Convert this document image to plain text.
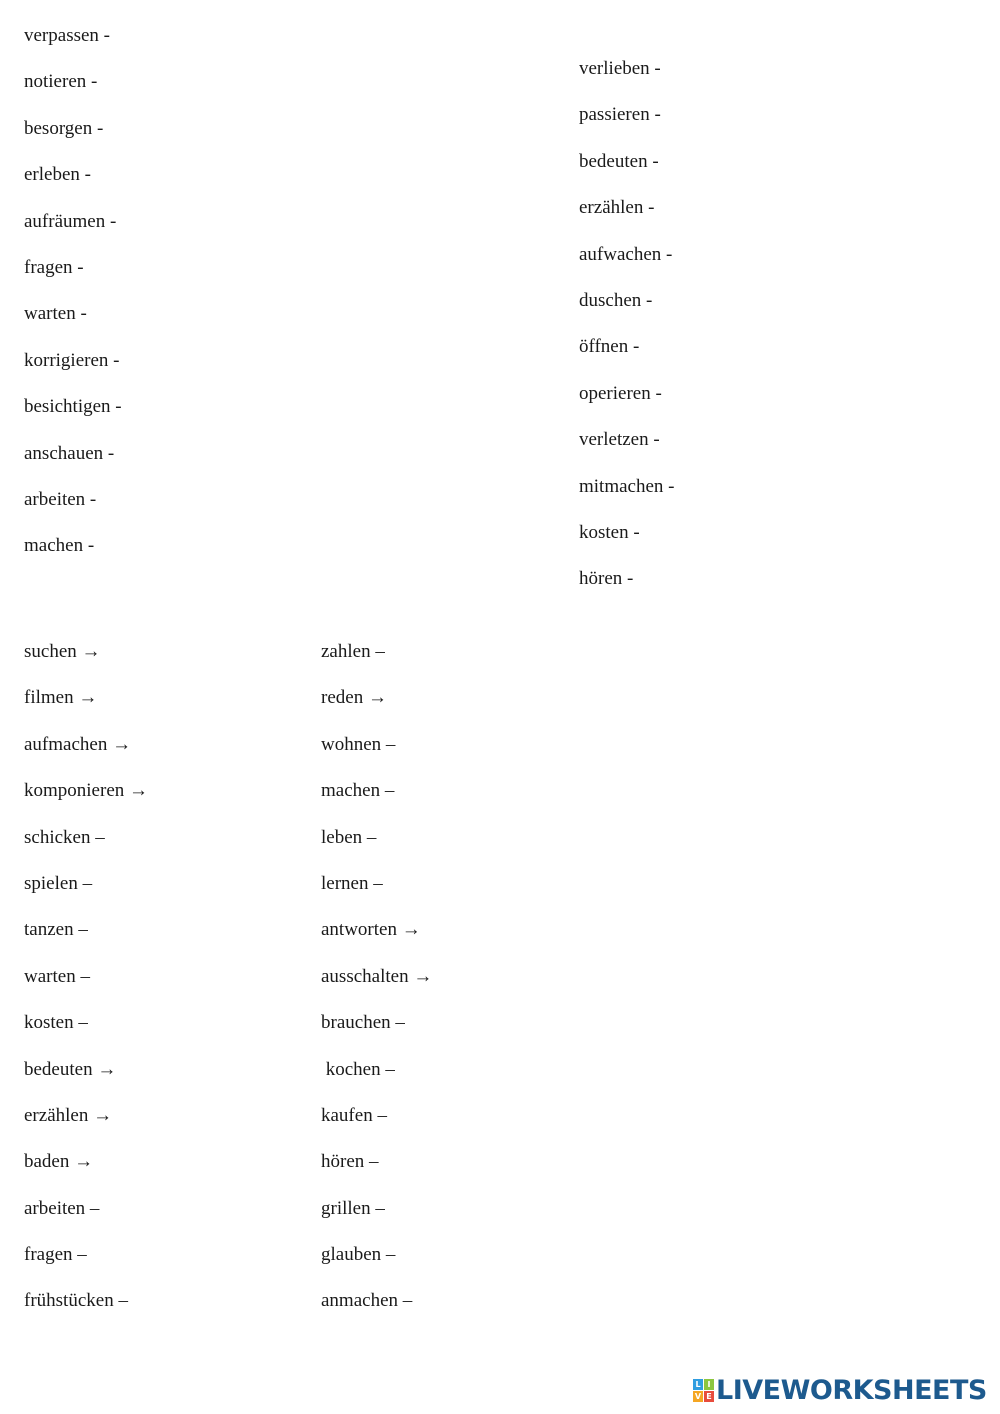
verpassen -
notieren -
besorgen -
erleben -
aufräumen -
fragen -
warten -
korrigieren -
besichtigen -
anschauen -
arbeiten -
machen -
verlieben -
passieren -
bedeuten -
erzählen -
aufwachen -
duschen -
öffnen -
operieren -
verletzen -
mitmachen -
kosten -
hören -
suchen →
filmen →
aufmachen →
komponieren →
schicken –
spielen –
tanzen –
warten –
kosten –
bedeuten →
erzählen →
baden →
arbeiten –
fragen –
frühstücken –
zahlen –
reden →
wohnen –
machen –
leben –
lernen –
antworten →
ausschalten →
brauchen –
kochen –
kaufen –
hören –
grillen –
glauben –
anmachen –
L I
V E LIVEWORKSHEETS
